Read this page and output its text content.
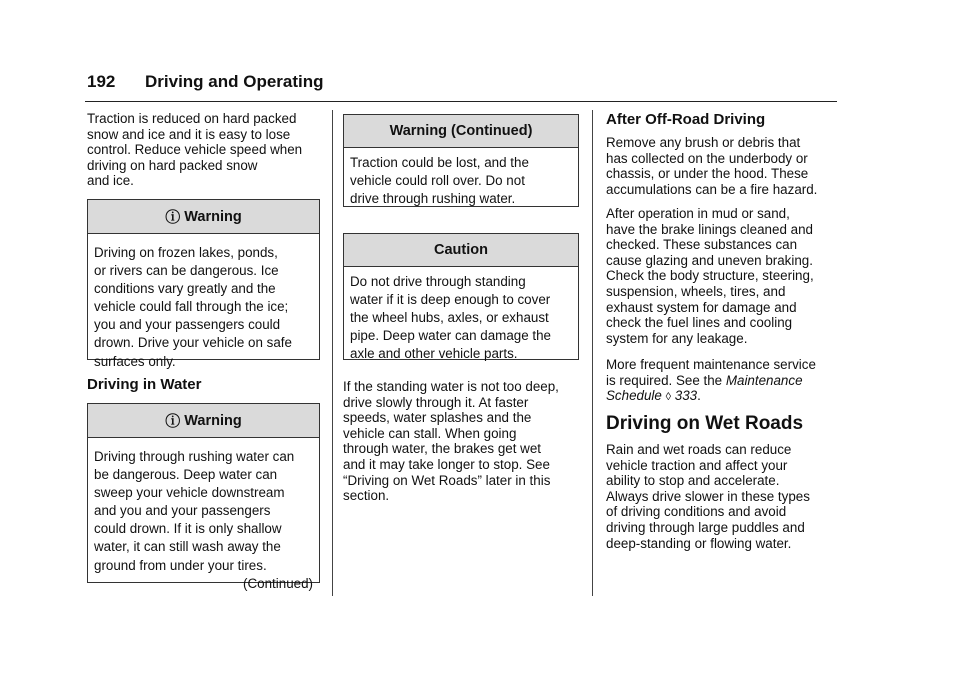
192 Driving and Operating
Traction is reduced on hard packed
snow and ice and it is easy to lose
control. Reduce vehicle speed when
driving on hard packed snow
and ice.
ⓘ Warning
Driving on frozen lakes, ponds,
or rivers can be dangerous. Ice
conditions vary greatly and the
vehicle could fall through the ice;
you and your passengers could
drown. Drive your vehicle on safe
surfaces only.
Driving in Water
ⓘ Warning
Driving through rushing water can
be dangerous. Deep water can
sweep your vehicle downstream
and you and your passengers
could drown. If it is only shallow
water, it can still wash away the
ground from under your tires.
(Continued)
Warning (Continued)
Traction could be lost, and the
vehicle could roll over. Do not
drive through rushing water.
Caution
Do not drive through standing
water if it is deep enough to cover
the wheel hubs, axles, or exhaust
pipe. Deep water can damage the
axle and other vehicle parts.
If the standing water is not too deep,
drive slowly through it. At faster
speeds, water splashes and the
vehicle can stall. When going
through water, the brakes get wet
and it may take longer to stop. See
“Driving on Wet Roads” later in this
section.
After Off-Road Driving
Remove any brush or debris that
has collected on the underbody or
chassis, or under the hood. These
accumulations can be a fire hazard.
After operation in mud or sand,
have the brake linings cleaned and
checked. These substances can
cause glazing and uneven braking.
Check the body structure, steering,
suspension, wheels, tires, and
exhaust system for damage and
check the fuel lines and cooling
system for any leakage.
More frequent maintenance service
is required. See the Maintenance
Schedule ◊ 333.
Driving on Wet Roads
Rain and wet roads can reduce
vehicle traction and affect your
ability to stop and accelerate.
Always drive slower in these types
of driving conditions and avoid
driving through large puddles and
deep-standing or flowing water.
